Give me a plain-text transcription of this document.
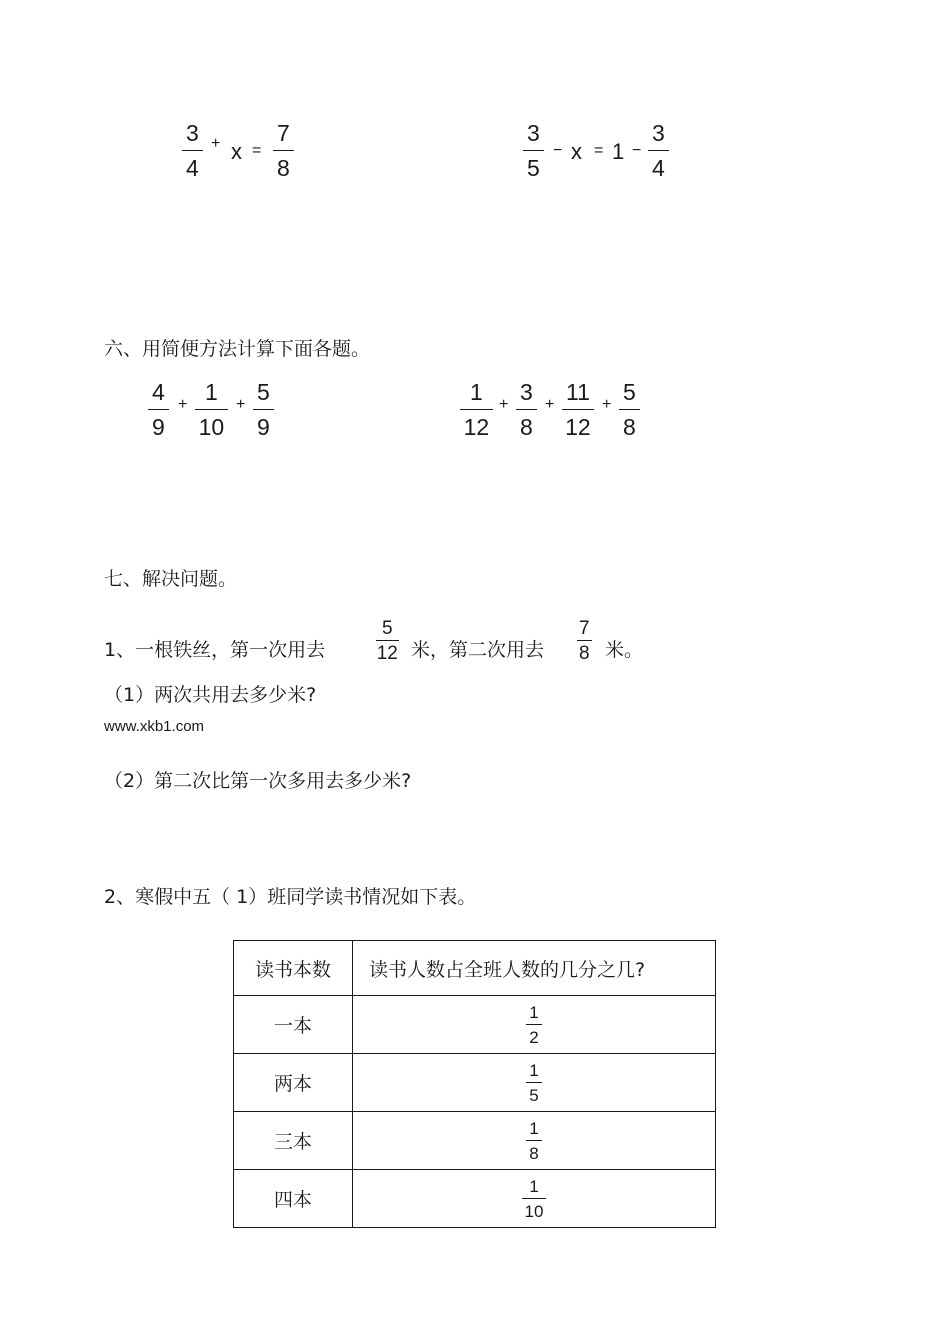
$\frac{3}{4} + x = \frac{7}{8}$	$\frac{3}{5} - x = 1 - \frac{3}{4}$
六、用简便方法计算下面各题。
$\frac{4}{9} + \frac{1}{10} + \frac{5}{9}$	$\frac{1}{12} + \frac{3}{8} + \frac{11}{12} + \frac{5}{8}$
七、解决问题。
1、一根铁丝，第一次用去	$\frac{5}{12}$ 米，第二次用去 $\frac{7}{8}$ 米。
（1）两次共用去多少米?
www.xkb1.com
（2）第二次比第一次多用去多少米?
2、寒假中五（ 1）班同学读书情况如下表。
读书本数	读书人数占全班人数的几分之几?
一本	$\frac{1}{2}$

两本	$\frac{1}{5}$

三本	$\frac{1}{8}$

四本	$\frac{1}{10}$
